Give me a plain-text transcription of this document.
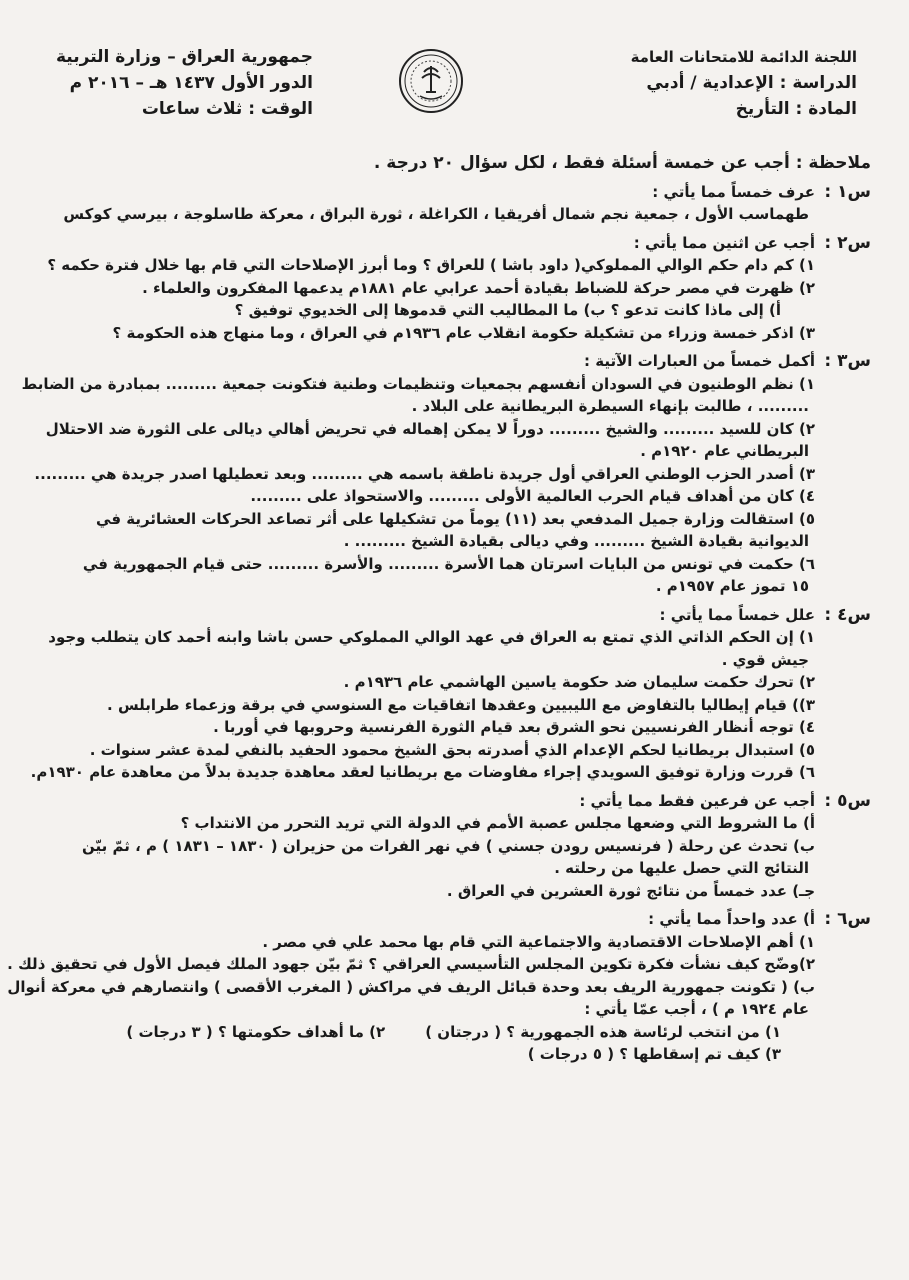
اللجنة الدائمة للامتحانات العامة
الدراسة : الإعدادية / أدبي
المادة : التأريخ
جمهورية العراق – وزارة التربية
الدور الأول ١٤٣٧ هـ – ٢٠١٦ م
الوقت : ثلاث ساعات

ملاحظة : أجب عن خمسة أسئلة فقط ، لكل سؤال ٢٠ درجة .

س١ :
عرف خمساً مما يأتي :

طهماسب الأول ، جمعية نجم شمال أفريقيا ، الكراغلة ، ثورة البراق ، معركة طاسلوجة ، بيرسي كوكس

س٢ :
أجب عن اثنين مما يأتي :

١) كم دام حكم الوالي المملوكي( داود باشا ) للعراق ؟ وما أبرز الإصلاحات التي قام بها خلال فترة حكمه ؟

٢) ظهرت في مصر حركة للضباط بقيادة أحمد عرابي عام ١٨٨١م يدعمها المفكرون والعلماء .

أ) إلى ماذا كانت تدعو ؟ ب) ما المطاليب التي قدموها إلى الخديوي توفيق ؟

٣) اذكر خمسة وزراء من تشكيلة حكومة انقلاب عام ١٩٣٦م في العراق ، وما منهاج هذه الحكومة ؟

س٣ :
أكمل خمساً من العبارات الآتية :

١) نظم الوطنيون في السودان أنفسهم بجمعيات وتنظيمات وطنية فتكونت جمعية ......... بمبادرة من الضابط

......... ، طالبت بإنهاء السيطرة البريطانية على البلاد .

٢) كان للسيد ......... والشيخ ......... دوراً لا يمكن إهماله في تحريض أهالي ديالى على الثورة ضد الاحتلال

البريطاني عام ١٩٢٠م .

٣) أصدر الحزب الوطني العراقي أول جريدة ناطقة باسمه هي ......... وبعد تعطيلها اصدر جريدة هي .........

٤) كان من أهداف قيام الحرب العالمية الأولى ......... والاستحواذ على .........

٥) استقالت وزارة جميل المدفعي بعد (١١) يوماً من تشكيلها على أثر تصاعد الحركات العشائرية في

الديوانية بقيادة الشيخ ......... وفي ديالى بقيادة الشيخ ......... .

٦) حكمت في تونس من البايات اسرتان هما الأسرة ......... والأسرة ......... حتى قيام الجمهورية في

١٥ تموز عام ١٩٥٧م .

س٤ :
علل خمساً مما يأتي :

١) إن الحكم الذاتي الذي تمتع به العراق في عهد الوالي المملوكي حسن باشا وابنه أحمد كان يتطلب وجود

جيش قوي .

٢) تحرك حكمت سليمان ضد حكومة ياسين الهاشمي عام ١٩٣٦م .

٣)) قيام إيطاليا بالتفاوض مع الليبيين وعقدها اتفاقيات مع السنوسي في برقة وزعماء طرابلس .

٤) توجه أنظار الفرنسيين نحو الشرق بعد قيام الثورة الفرنسية وحروبها في أوربا .

٥) استبدال بريطانيا لحكم الإعدام الذي أصدرته بحق الشيخ محمود الحفيد بالنفي لمدة عشر سنوات .

٦) قررت وزارة توفيق السويدي إجراء مفاوضات مع بريطانيا لعقد معاهدة جديدة بدلاً من معاهدة عام ١٩٣٠م.

س٥ :
أجب عن فرعين فقط مما يأتي :

أ) ما الشروط التي وضعها مجلس عصبة الأمم في الدولة التي تريد التحرر من الانتداب ؟

ب) تحدث عن رحلة ( فرنسيس رودن جسني ) في نهر الفرات من حزيران ( ١٨٣٠ – ١٨٣١ ) م ، ثمّ بيّن

النتائج التي حصل عليها من رحلته .

جـ) عدد خمساً من نتائج ثورة العشرين في العراق .

س٦ :
أ) عدد واحداً مما يأتي :

١) أهم الإصلاحات الاقتصادية والاجتماعية التي قام بها محمد علي في مصر .

٢)وضّح كيف نشأت فكرة تكوين المجلس التأسيسي العراقي ؟ ثمّ بيّن جهود الملك فيصل الأول في تحقيق ذلك .

ب) ( تكونت جمهورية الريف بعد وحدة قبائل الريف في مراكش ( المغرب الأقصى ) وانتصارهم في معركة أنوال

عام ١٩٢٤ م ) ، أجب عمّا يأتي :

١) من انتخب لرئاسة هذه الجمهورية ؟ ( درجتان )
٢) ما أهداف حكومتها ؟ ( ٣ درجات )

٣) كيف تم إسقاطها ؟ ( ٥ درجات )
